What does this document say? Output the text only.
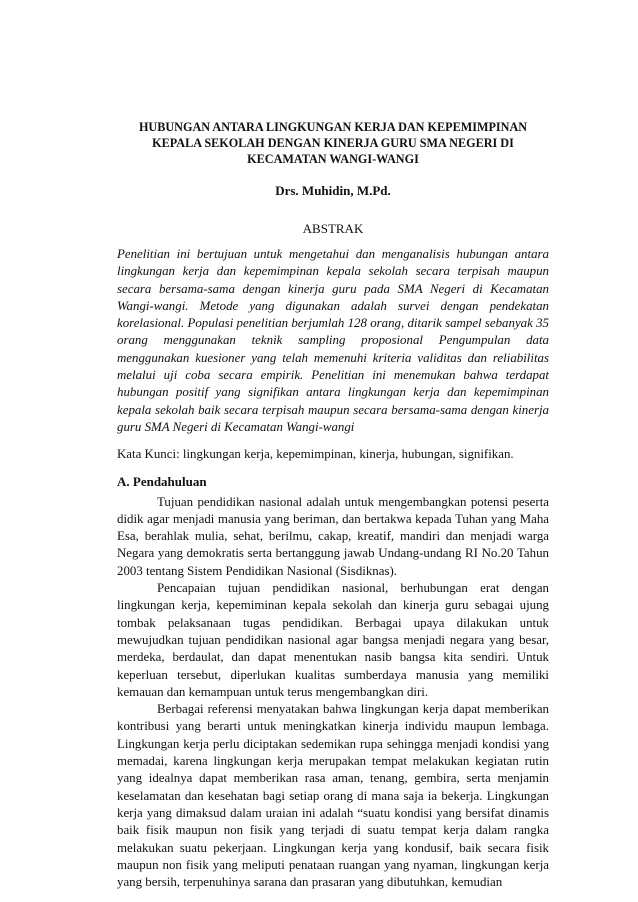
HUBUNGAN ANTARA LINGKUNGAN KERJA DAN KEPEMIMPINAN
KEPALA SEKOLAH DENGAN KINERJA GURU SMA NEGERI DI
KECAMATAN WANGI-WANGI
Drs. Muhidin, M.Pd.
ABSTRAK
Penelitian ini bertujuan untuk mengetahui dan menganalisis hubungan antara lingkungan kerja dan kepemimpinan kepala sekolah secara terpisah maupun secara bersama-sama dengan kinerja guru pada SMA Negeri di Kecamatan Wangi-wangi. Metode yang digunakan adalah survei dengan pendekatan korelasional. Populasi penelitian berjumlah 128 orang, ditarik sampel sebanyak 35 orang menggunakan teknik sampling proposional Pengumpulan data menggunakan kuesioner yang telah memenuhi kriteria validitas dan reliabilitas melalui uji coba secara empirik. Penelitian ini menemukan bahwa terdapat hubungan positif yang signifikan antara lingkungan kerja dan kepemimpinan kepala sekolah baik secara terpisah maupun secara bersama-sama dengan kinerja guru SMA Negeri di Kecamatan Wangi-wangi
Kata Kunci: lingkungan kerja, kepemimpinan, kinerja, hubungan, signifikan.
A. Pendahuluan

Tujuan pendidikan nasional adalah untuk mengembangkan potensi peserta didik agar menjadi manusia yang beriman, dan bertakwa kepada Tuhan yang Maha Esa, berahlak mulia, sehat, berilmu, cakap, kreatif, mandiri dan menjadi warga Negara yang demokratis serta bertanggung jawab Undang-undang RI No.20 Tahun 2003 tentang Sistem Pendidikan Nasional (Sisdiknas).

Pencapaian tujuan pendidikan nasional, berhubungan erat dengan lingkungan kerja, kepemiminan kepala sekolah dan kinerja guru sebagai ujung tombak pelaksanaan tugas pendidikan. Berbagai upaya dilakukan untuk mewujudkan tujuan pendidikan nasional agar bangsa menjadi negara yang besar, merdeka, berdaulat, dan dapat menentukan nasib bangsa kita sendiri. Untuk keperluan tersebut, diperlukan kualitas sumberdaya manusia yang memiliki kemauan dan kemampuan untuk terus mengembangkan diri.

Berbagai referensi menyatakan bahwa lingkungan kerja dapat memberikan kontribusi yang berarti untuk meningkatkan kinerja individu maupun lembaga. Lingkungan kerja perlu diciptakan sedemikan rupa sehingga menjadi kondisi yang memadai, karena lingkungan kerja merupakan tempat melakukan kegiatan rutin yang idealnya dapat memberikan rasa aman, tenang, gembira, serta menjamin keselamatan dan kesehatan bagi setiap orang di mana saja ia bekerja. Lingkungan kerja yang dimaksud dalam uraian ini adalah “suatu kondisi yang bersifat dinamis baik fisik maupun non fisik yang terjadi di suatu tempat kerja dalam rangka melakukan suatu pekerjaan. Lingkungan kerja yang kondusif, baik secara fisik maupun non fisik yang meliputi penataan ruangan yang nyaman, lingkungan kerja yang bersih, terpenuhinya sarana dan prasaran yang dibutuhkan, kemudian
